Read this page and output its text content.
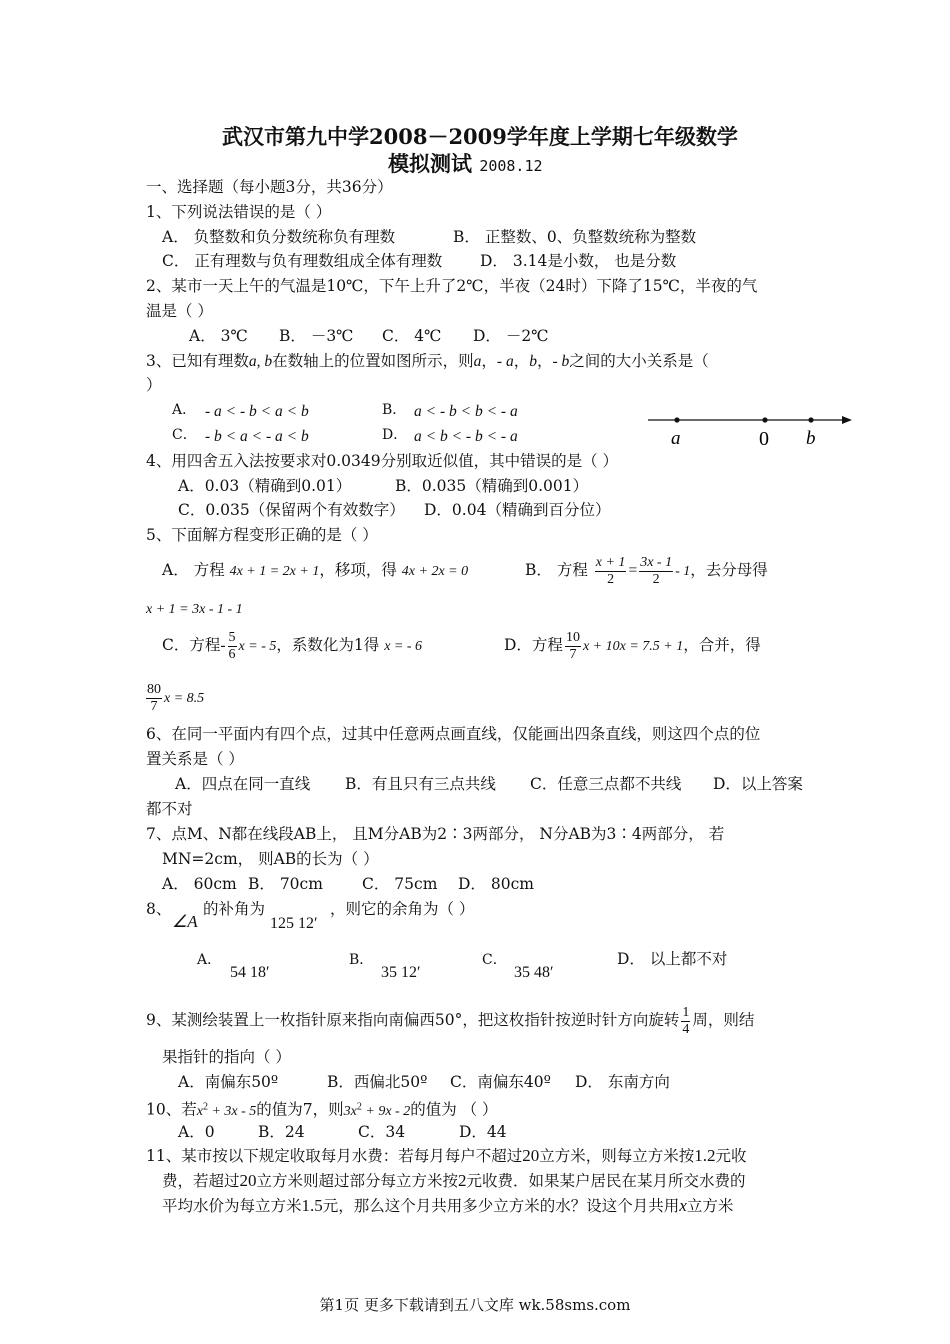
武汉市第九中学2008－2009学年度上学期七年级数学
模拟测试 2008.12
一、选择题（每小题3分，共36分）
1、下列说法错误的是（ ）
A． 负整数和负分数统称负有理数	B． 正整数、0、负整数统称为整数
C． 正有理数与负有理数组成全体有理数 D． 3.14是小数， 也是分数
2、某市一天上午的气温是10℃，下午上升了2℃，半夜（24时）下降了15℃，半夜的气
温是（ ）
A． 3℃ B． －3℃ C． 4℃ D． －2℃
3、已知有理数a, b在数轴上的位置如图所示，则a，- a，b，- b之间的大小关系是（
）
A． - a < - b < a < b	B． a < - b < b < - a
C． - b < a < - a < b	D． a < b < - b < - a	a	0 b
4、用四舍五入法按要求对0.0349分别取近似值，其中错误的是（ ）
A．0.03（精确到0.01）	B．0.035（精确到0.001）
C．0.035（保留两个有效数字） D．0.04（精确到百分位）
5、下面解方程变形正确的是（ ）
A． 方程 4x + 1 = 2x + 1，移项，得 4x + 2x = 0	B． 方程 $\frac{x + 1}{2} = \frac{3x - 1}{2} - 1$，去分母得
x + 1 = 3x - 1 - 1
C．方程- $\frac{5}{6}$ x = - 5，系数化为1得 x = - 6	D．方程 $\frac{10}{7}$ x + 10x = 7.5 + 1，合并，得
$\frac{80}{7}$ x = 8.5
6、在同一平面内有四个点，过其中任意两点画直线，仅能画出四条直线，则这四个点的位
置关系是（ ）
A．四点在同一直线 B．有且只有三点共线 C．任意三点都不共线 D．以上答案
都不对
7、点M、N都在线段AB上， 且M分AB为2∶3两部分， N分AB为3∶4两部分， 若
MN=2cm， 则AB的长为（ ）
A． 60cm B． 70cm	C． 75cm D． 80cm
8、
∠A
的补角为
125 12′
，则它的余角为（ ）
A．
54 18′
B．
35 12′
C．
35 48′
D． 以上都不对
9、某测绘装置上一枚指针原来指向南偏西50°，把这枚指针按逆时针方向旋转 $\frac{1}{4}$ 周，则结
果指针的指向（ ）
A．南偏东50º	B．西偏北50º C．南偏东40º D． 东南方向
10、若$x^2 + 3x - 5$的值为7，则$3x^2 + 9x - 2$的值为 （ ）
A．0	B．24	C．34	D．44
11、某市按以下规定收取每月水费：若每月每户不超过20立方米，则每立方米按1.2元收
费，若超过20立方米则超过部分每立方米按2元收费．如果某户居民在某月所交水费的
平均水价为每立方米1.5元，那么这个月共用多少立方米的水？设这个月共用x立方米
第1页 更多下载请到五八文库 wk.58sms.com
